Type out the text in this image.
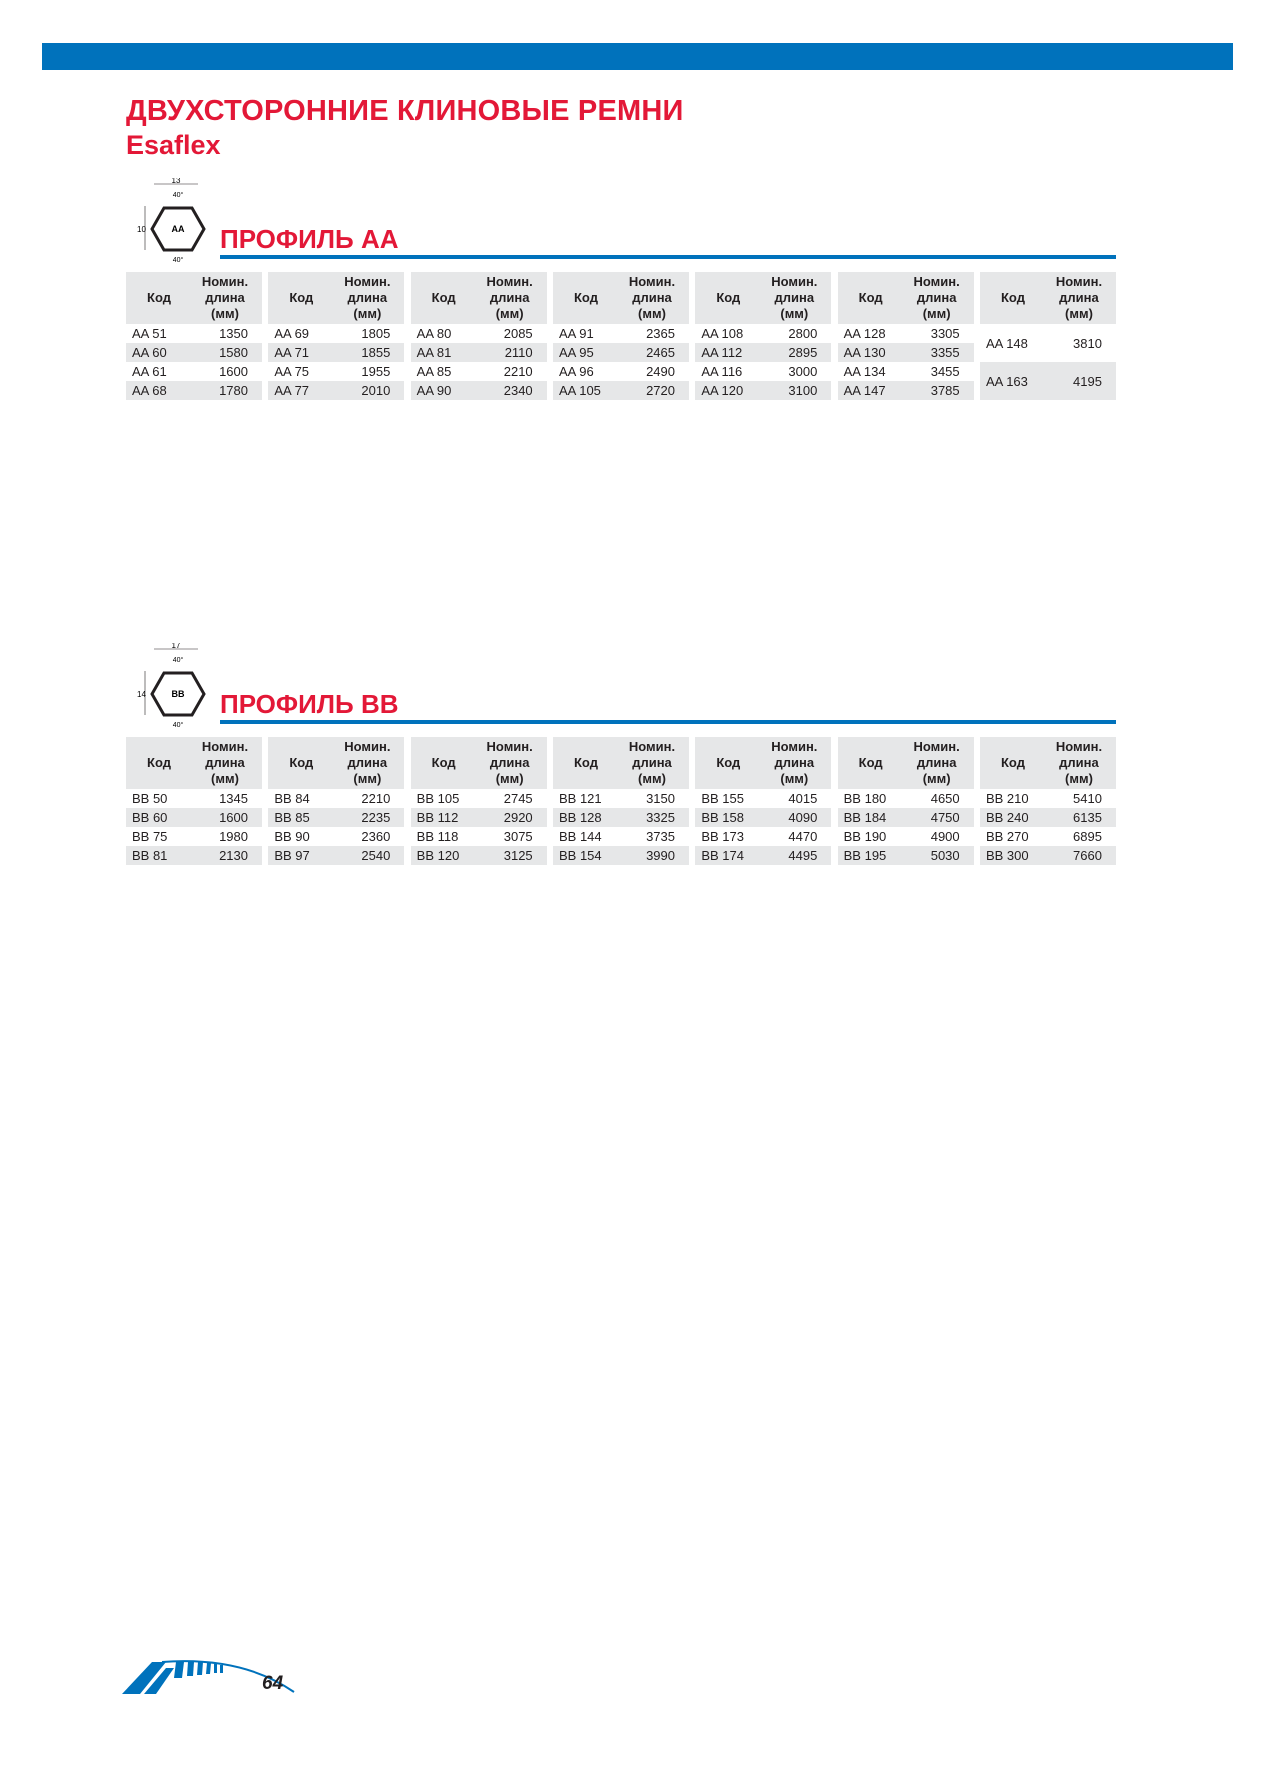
ДВУХСТОРОННИЕ КЛИНОВЫЕ РЕМНИ
Esaflex
13
40°
10	AA
40°
ПРОФИЛЬ AA
Код	Номин.
длина
(мм)

AA 51	1350
AA 60	1580
AA 61	1600
AA 68	1780
Код	Номин.
длина
(мм)

AA 69	1805
AA 71	1855
AA 75	1955
AA 77	2010
Код	Номин.
длина
(мм)

AA 80	2085
AA 81	2110
AA 85	2210
AA 90	2340
Код	Номин.
длина
(мм)

AA 91	2365
AA 95	2465
AA 96	2490
AA 105	2720
Код	Номин.
длина
(мм)

AA 108	2800
AA 112	2895
AA 116	3000
AA 120	3100
Код	Номин.
длина
(мм)

AA 128	3305
AA 130	3355
AA 134	3455
AA 147	3785
Код	Номин.
длина
(мм)

AA 148	3810
AA 163	4195
17
40°
14	BB
40°
ПРОФИЛЬ BB
Код	Номин.
длина
(мм)

BB 50	1345
BB 60	1600
BB 75	1980
BB 81	2130
Код	Номин.
длина
(мм)

BB 84	2210
BB 85	2235
BB 90	2360
BB 97	2540
Код	Номин.
длина
(мм)

BB 105	2745
BB 112	2920
BB 118	3075
BB 120	3125
Код	Номин.
длина
(мм)

BB 121	3150
BB 128	3325
BB 144	3735
BB 154	3990
Код	Номин.
длина
(мм)

BB 155	4015
BB 158	4090
BB 173	4470
BB 174	4495
Код	Номин.
длина
(мм)

BB 180	4650
BB 184	4750
BB 190	4900
BB 195	5030
Код	Номин.
длина
(мм)

BB 210	5410
BB 240	6135
BB 270	6895
BB 300	7660
64
